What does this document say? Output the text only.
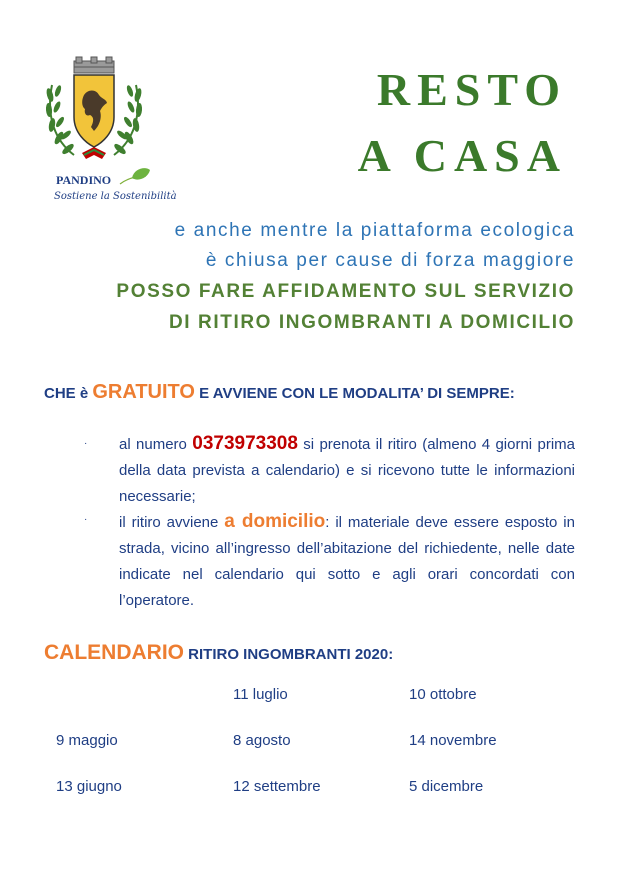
PANDINO
Sostiene la Sostenibilità
RESTO
A CASA
e anche mentre la piattaforma ecologica
è chiusa per cause di forza maggiore
POSSO FARE AFFIDAMENTO SUL SERVIZIO
DI RITIRO INGOMBRANTI A DOMICILIO
CHE è GRATUITO E AVVIENE CON LE MODALITA’ DI SEMPRE:
· al numero 0373973308 si prenota il ritiro (almeno 4 giorni prima della data prevista a calendario) e si ricevono tutte le informazioni necessarie;
· il ritiro avviene a domicilio: il materiale deve essere esposto in strada, vicino all’ingresso dell’abitazione del richiedente, nelle date indicate nel calendario qui sotto e agli orari concordati con l’operatore.
CALENDARIO RITIRO INGOMBRANTI 2020:
9 maggio
13 giugno
11 luglio
8 agosto
12 settembre
10 ottobre
14 novembre
5 dicembre
